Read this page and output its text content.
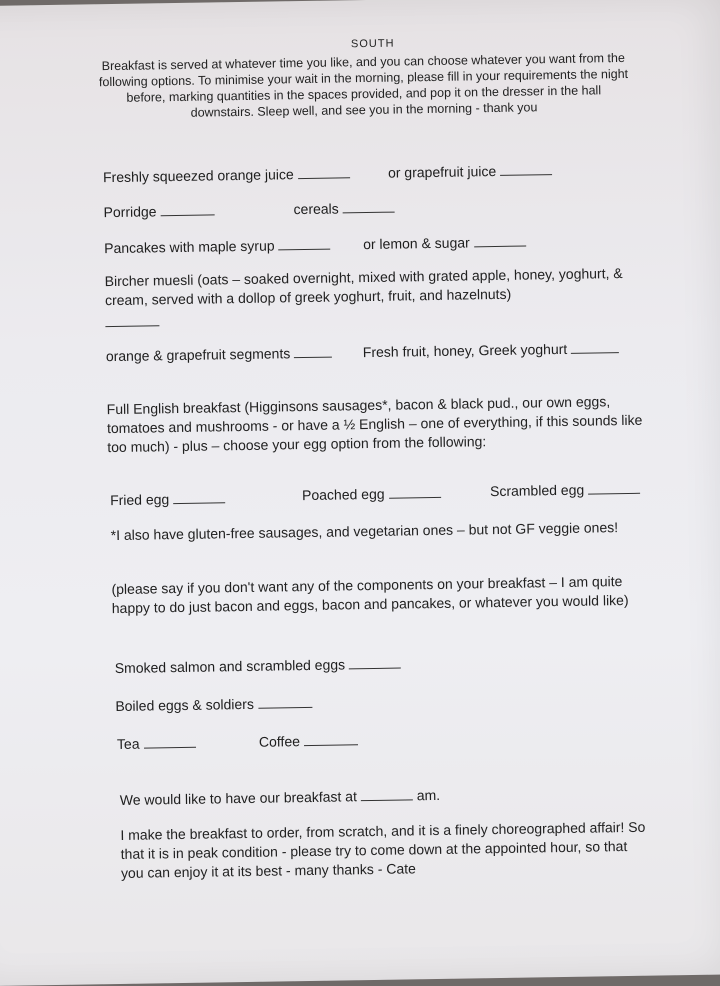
SOUTH
Breakfast is served at whatever time you like, and you can choose whatever you want from the following options. To minimise your wait in the morning, please fill in your requirements the night before, marking quantities in the spaces provided, and pop it on the dresser in the hall downstairs. Sleep well, and see you in the morning - thank you
Freshly squeezed orange juice	or grapefruit juice
Porridge	cereals
Pancakes with maple syrup	or lemon & sugar
Bircher muesli (oats – soaked overnight, mixed with grated apple, honey, yoghurt, & cream, served with a dollop of greek yoghurt, fruit, and hazelnuts)
orange & grapefruit segments	Fresh fruit, honey, Greek yoghurt
Full English breakfast (Higginsons sausages*, bacon & black pud., our own eggs, tomatoes and mushrooms - or have a ½ English – one of everything, if this sounds like too much) - plus – choose your egg option from the following:
Fried egg	Poached egg	Scrambled egg
*I also have gluten-free sausages, and vegetarian ones – but not GF veggie ones!
(please say if you don't want any of the components on your breakfast – I am quite happy to do just bacon and eggs, bacon and pancakes, or whatever you would like)
Smoked salmon and scrambled eggs
Boiled eggs & soldiers
Tea	Coffee
We would like to have our breakfast at	am.
I make the breakfast to order, from scratch, and it is a finely choreographed affair! So that it is in peak condition - please try to come down at the appointed hour, so that you can enjoy it at its best - many thanks - Cate
